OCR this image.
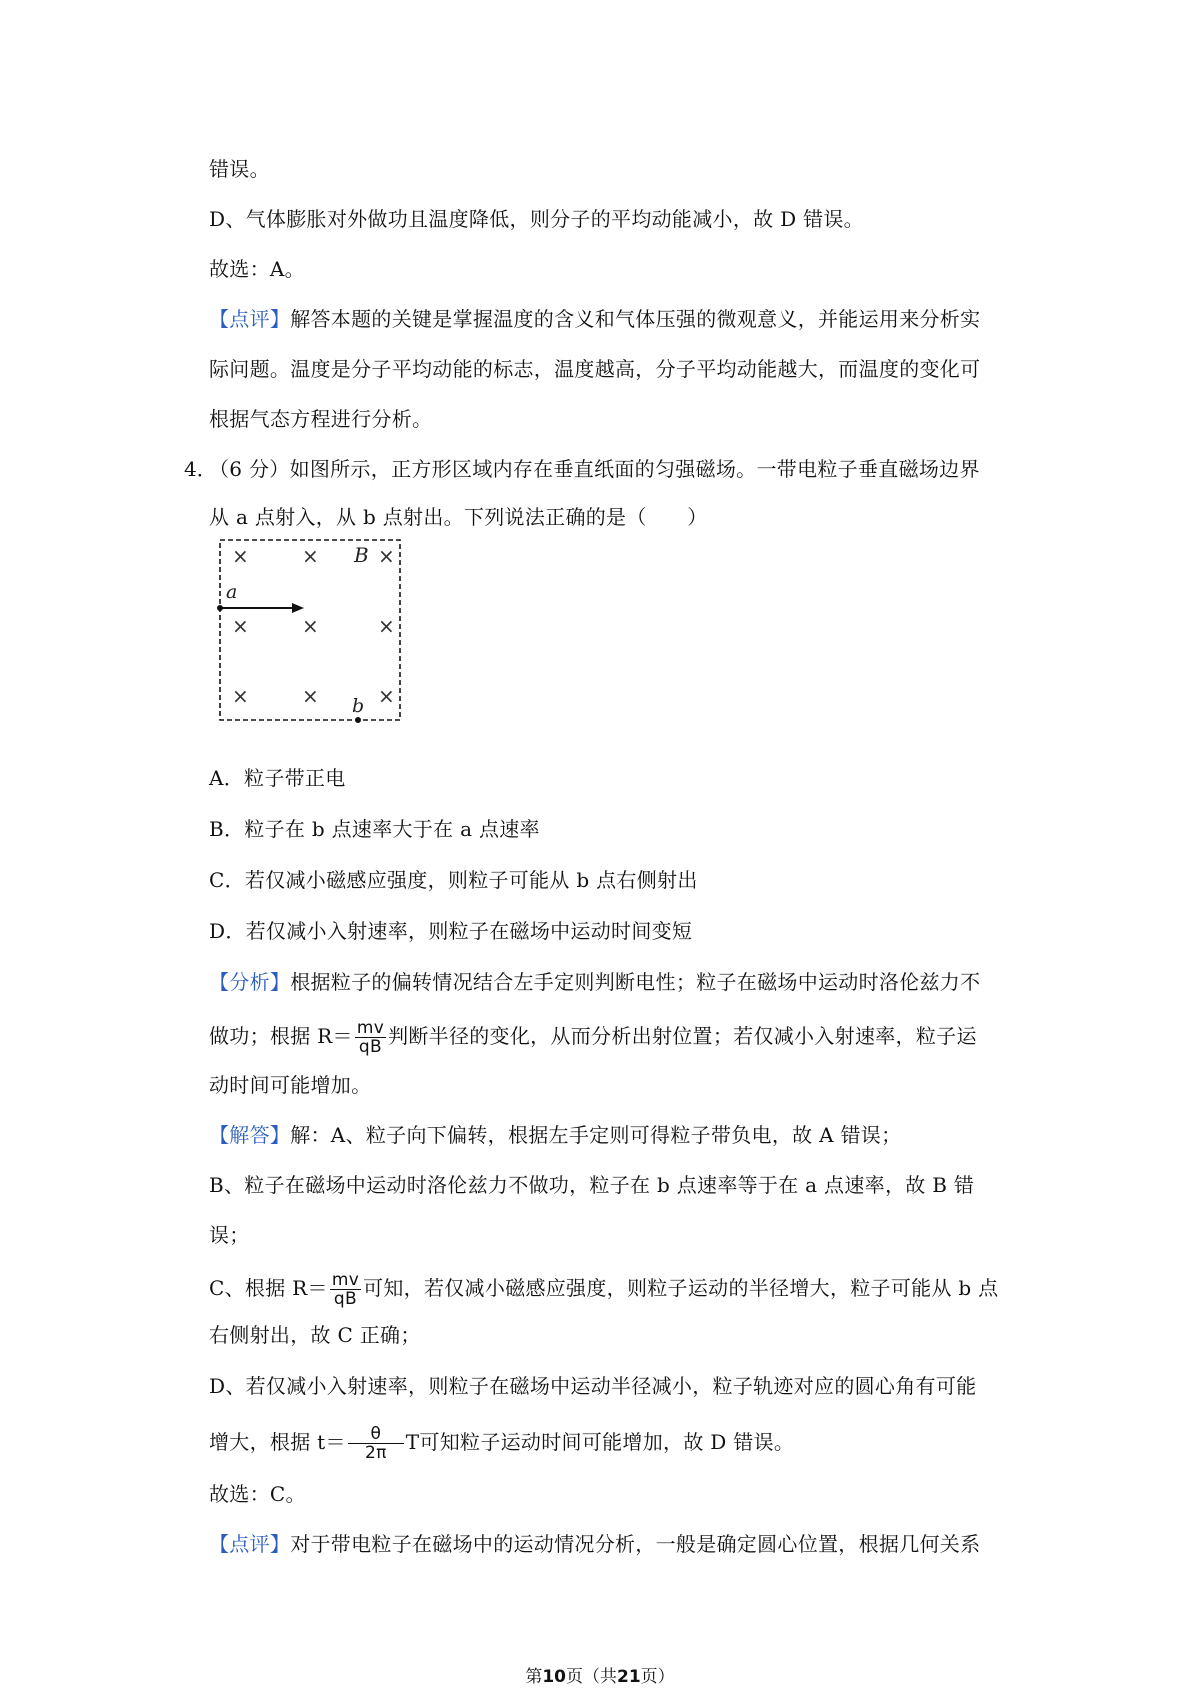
错误。
D、气体膨胀对外做功且温度降低，则分子的平均动能减小，故 D 错误。
故选：A。
【点评】解答本题的关键是掌握温度的含义和气体压强的微观意义，并能运用来分析实
际问题。温度是分子平均动能的标志，温度越高，分子平均动能越大，而温度的变化可
根据气态方程进行分析。
4．
（6 分）如图所示，正方形区域内存在垂直纸面的匀强磁场。一带电粒子垂直磁场边界
从 a 点射入，从 b 点射出。下列说法正确的是（　　）
×	×	×
×	×	×
×	×	×
B
a
b
A．粒子带正电
B．粒子在 b 点速率大于在 a 点速率
C．若仅减小磁感应强度，则粒子可能从 b 点右侧射出
D．若仅减小入射速率，则粒子在磁场中运动时间变短
【分析】根据粒子的偏转情况结合左手定则判断电性；粒子在磁场中运动时洛伦兹力不
做功；根据 $R= \frac{mv}{qB}$ 判断半径的变化，从而分析出射位置；若仅减小入射速率，粒子运
动时间可能增加。
【解答】解：A、粒子向下偏转，根据左手定则可得粒子带负电，故 A 错误；
B、粒子在磁场中运动时洛伦兹力不做功，粒子在 b 点速率等于在 a 点速率，故 B 错
误；
C、根据 $R= \frac{mv}{qB}$ 可知，若仅减小磁感应强度，则粒子运动的半径增大，粒子可能从 b 点
右侧射出，故 C 正确；
D、若仅减小入射速率，则粒子在磁场中运动半径减小，粒子轨迹对应的圆心角有可能
增大，根据 $t= \frac{\theta}{2\pi}$ T可知粒子运动时间可能增加，故 D 错误。
故选：C。
【点评】对于带电粒子在磁场中的运动情况分析，一般是确定圆心位置，根据几何关系
第10页（共21页）
